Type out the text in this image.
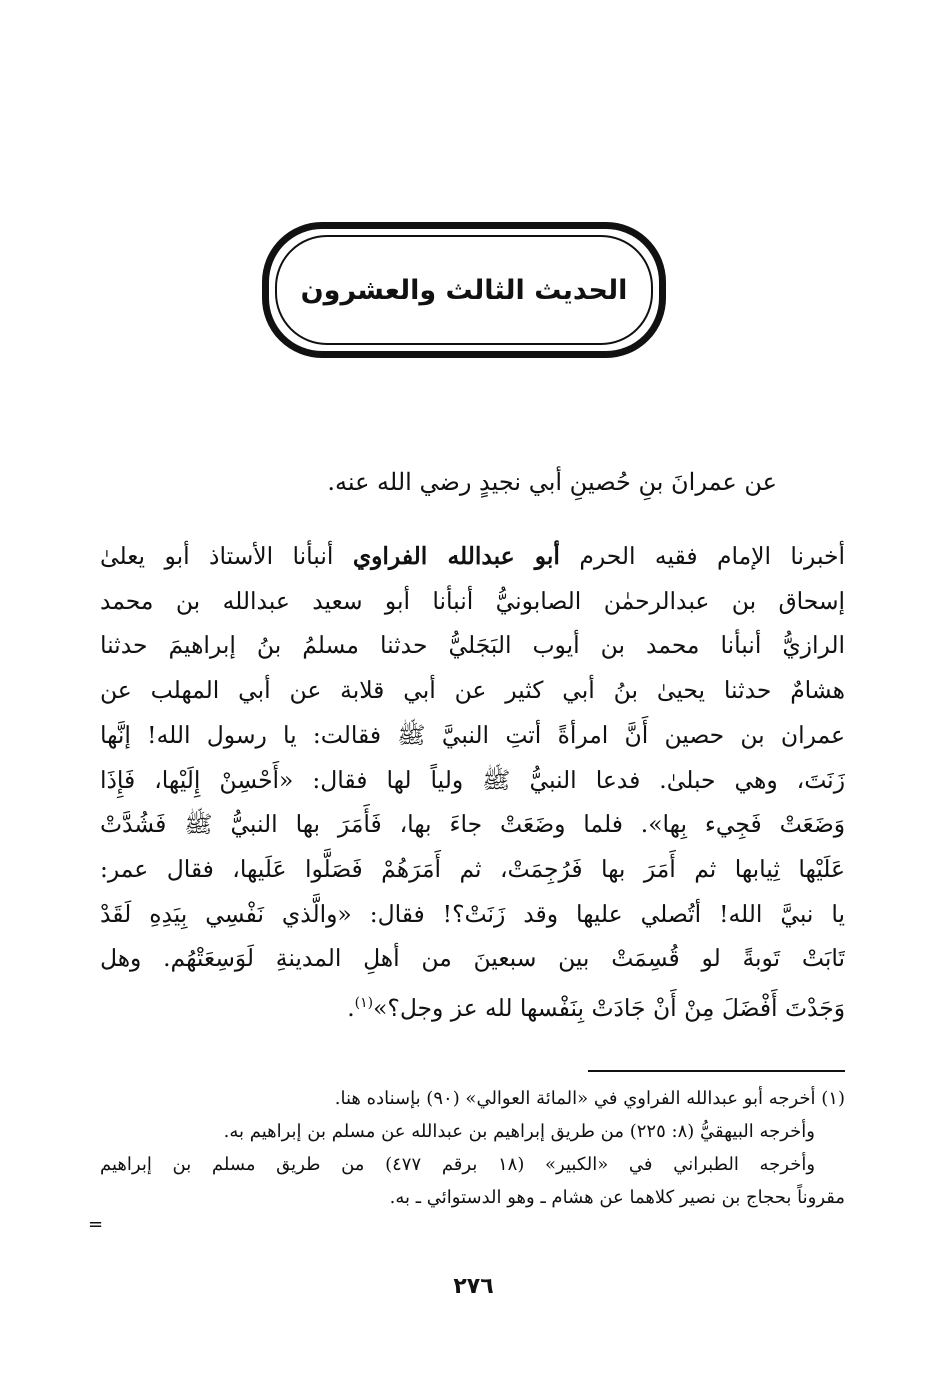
الحديث الثالث والعشرون
عن عمرانَ بنِ حُصينِ أبي نجيدٍ رضي الله عنه.
أخبرنا الإمام فقيه الحرم أبو عبدالله الفراوي أنبأنا الأستاذ أبو يعلىٰ
إسحاق بن عبدالرحمٰن الصابونيُّ أنبأنا أبو سعيد عبدالله بن محمد
الرازيُّ أنبأنا محمد بن أيوب البَجَليُّ حدثنا مسلمُ بنُ إبراهيمَ حدثنا
هشامٌ حدثنا يحيىٰ بنُ أبي كثير عن أبي قلابة عن أبي المهلب عن
عمران بن حصين أَنَّ امرأةً أتتِ النبيَّ ﷺ فقالت: يا رسول الله! إنَّها
زَنَتَ، وهي حبلىٰ. فدعا النبيُّ ﷺ ولياً لها فقال: «أَحْسِنْ إِلَيْها، فَإِذَا
وَضَعَتْ فَجِيء بِها». فلما وضَعَتْ جاءَ بها، فَأَمَرَ بها النبيُّ ﷺ فَشُدَّتْ
عَلَيْها ثِيابها ثم أَمَرَ بها فَرُجِمَتْ، ثم أَمَرَهُمْ فَصَلَّوا عَلَيها، فقال عمر:
يا نبيَّ الله! أتُصلي عليها وقد زَنَتْ؟! فقال: «والَّذي نَفْسِي بِيَدِهِ لَقَدْ
تَابَتْ تَوبةً لو قُسِمَتْ بين سبعينَ من أهلِ المدينةِ لَوَسِعَتْهُم. وهل
وَجَدْتَ أَفْضَلَ مِنْ أَنْ جَادَتْ بِنَفْسها لله عز وجل؟»$^{(١)}$.
(١) أخرجه أبو عبدالله الفراوي في «المائة العوالي» (٩٠) بإسناده هنا.
وأخرجه البيهقيُّ (٨: ٢٢٥) من طريق إبراهيم بن عبدالله عن مسلم بن إبراهيم به.
وأخرجه الطبراني في «الكبير» (١٨ برقم ٤٧٧) من طريق مسلم بن إبراهيم
مقروناً بحجاج بن نصير كلاهما عن هشام ـ وهو الدستوائي ـ به.
=
٢٧٦
